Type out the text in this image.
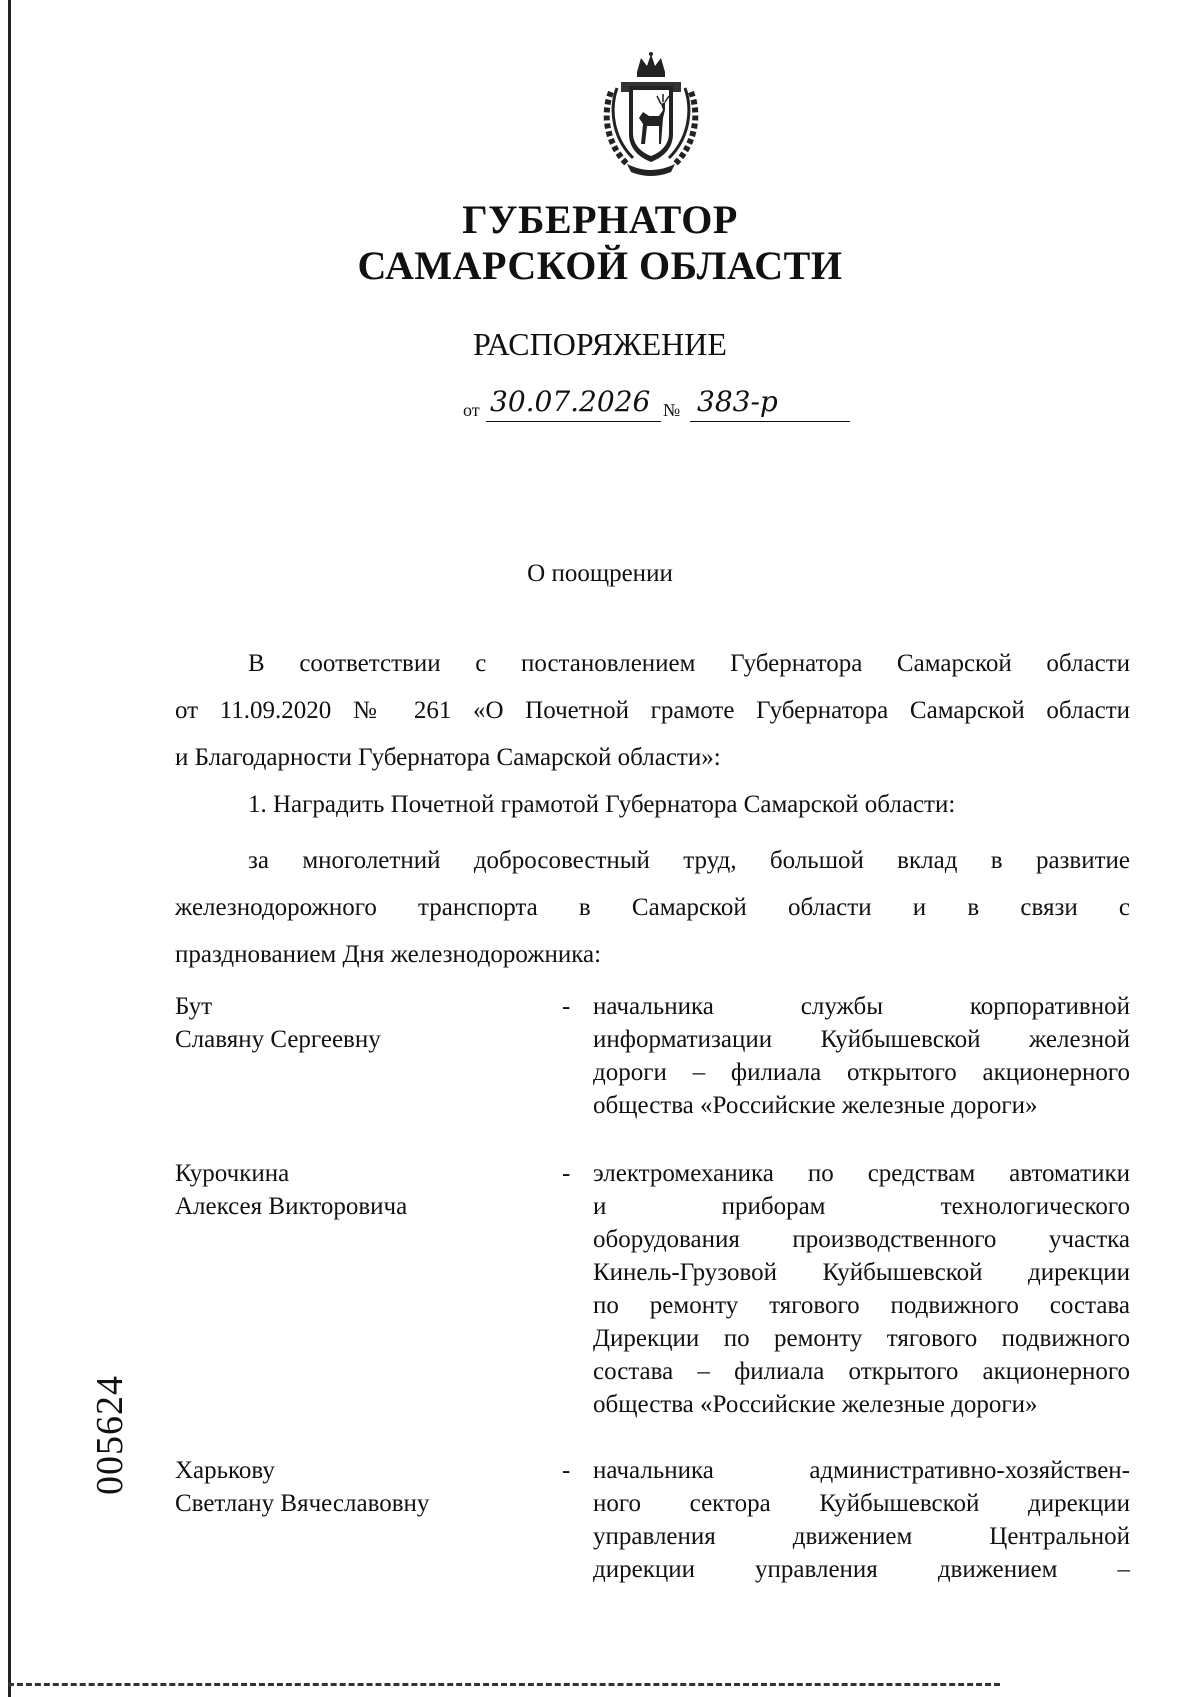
ГУБЕРНАТОР
САМАРСКОЙ ОБЛАСТИ
РАСПОРЯЖЕНИЕ
от 30.07.2026 № 383-р
О поощрении
В соответствии с постановлением Губернатора Самарской области
от 11.09.2020 № 261 «О Почетной грамоте Губернатора Самарской области
и Благодарности Губернатора Самарской области»:
1. Наградить Почетной грамотой Губернатора Самарской области:
за многолетний добросовестный труд, большой вклад в развитие
железнодорожного транспорта в Самарской области и в связи с
празднованием Дня железнодорожника:
Бут
Славяну Сергеевну
- начальника службы корпоративной
информатизации Куйбышевской железной
дороги – филиала открытого акционерного
общества «Российские железные дороги»
Курочкина
Алексея Викторовича
- электромеханика по средствам автоматики
и приборам технологического
оборудования производственного участка
Кинель-Грузовой Куйбышевской дирекции
по ремонту тягового подвижного состава
Дирекции по ремонту тягового подвижного
состава – филиала открытого акционерного
общества «Российские железные дороги»
Харькову
Светлану Вячеславовну
- начальника административно-хозяйствен-
ного сектора Куйбышевской дирекции
управления движением Центральной
дирекции управления движением –
005624
